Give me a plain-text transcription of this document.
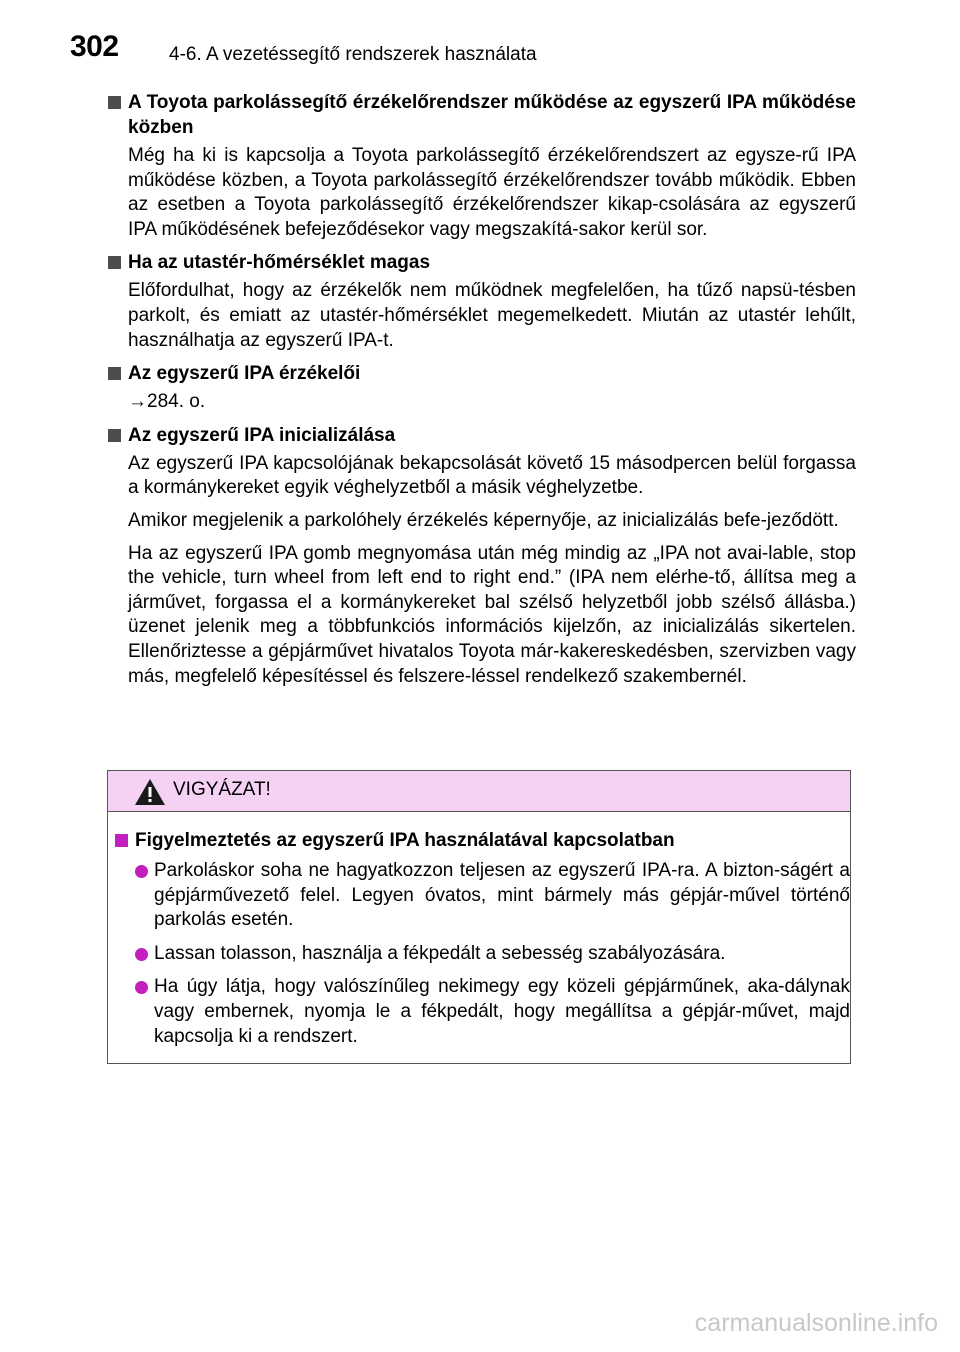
302	4-6. A vezetéssegítő rendszerek használata
A Toyota parkolássegítő érzékelőrendszer működése az egyszerű IPA működése közben
Még ha ki is kapcsolja a Toyota parkolássegítő érzékelőrendszert az egysze-rű IPA működése közben, a Toyota parkolássegítő érzékelőrendszer tovább működik. Ebben az esetben a Toyota parkolássegítő érzékelőrendszer kikap-csolására az egyszerű IPA működésének befejeződésekor vagy megszakítá-sakor kerül sor.
Ha az utastér-hőmérséklet magas
Előfordulhat, hogy az érzékelők nem működnek megfelelően, ha tűző napsü-tésben parkolt, és emiatt az utastér-hőmérséklet megemelkedett. Miután az utastér lehűlt, használhatja az egyszerű IPA-t.
Az egyszerű IPA érzékelői
→284. o.
Az egyszerű IPA inicializálása
Az egyszerű IPA kapcsolójának bekapcsolását követő 15 másodpercen belül forgassa a kormánykereket egyik véghelyzetből a másik véghelyzetbe.
Amikor megjelenik a parkolóhely érzékelés képernyője, az inicializálás befe-jeződött.
Ha az egyszerű IPA gomb megnyomása után még mindig az „IPA not avai-lable, stop the vehicle, turn wheel from left end to right end.” (IPA nem elérhe-tő, állítsa meg a járművet, forgassa el a kormánykereket bal szélső helyzetből jobb szélső állásba.) üzenet jelenik meg a többfunkciós információs kijelzőn, az inicializálás sikertelen. Ellenőriztesse a gépjárművet hivatalos Toyota már-kakereskedésben, szervizben vagy más, megfelelő képesítéssel és felszere-léssel rendelkező szakembernél.
VIGYÁZAT!
Figyelmeztetés az egyszerű IPA használatával kapcsolatban
Parkoláskor soha ne hagyatkozzon teljesen az egyszerű IPA-ra. A bizton-ságért a gépjárművezető felel. Legyen óvatos, mint bármely más gépjár-művel történő parkolás esetén.
Lassan tolasson, használja a fékpedált a sebesség szabályozására.
Ha úgy látja, hogy valószínűleg nekimegy egy közeli gépjárműnek, aka-dálynak vagy embernek, nyomja le a fékpedált, hogy megállítsa a gépjár-művet, majd kapcsolja ki a rendszert.
carmanualsonline.info
